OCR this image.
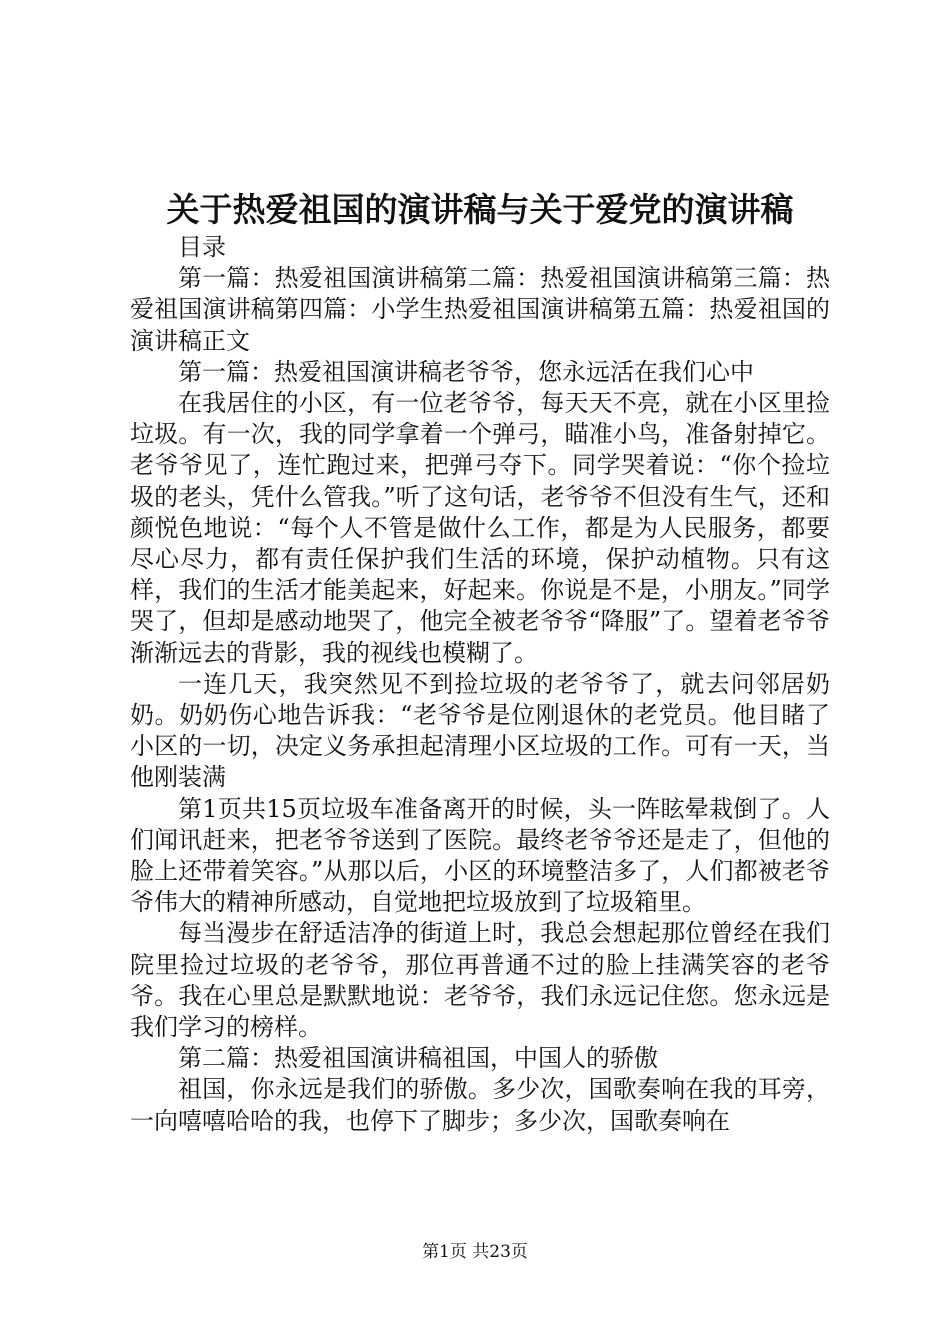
关于热爱祖国的演讲稿与关于爱党的演讲稿

目录

第一篇：热爱祖国演讲稿第二篇：热爱祖国演讲稿第三篇：热爱祖国演讲稿第四篇：小学生热爱祖国演讲稿第五篇：热爱祖国的演讲稿正文

第一篇：热爱祖国演讲稿老爷爷，您永远活在我们心中

在我居住的小区，有一位老爷爷，每天天不亮，就在小区里捡垃圾。有一次，我的同学拿着一个弹弓，瞄准小鸟，准备射掉它。老爷爷见了，连忙跑过来，把弹弓夺下。同学哭着说：“你个捡垃圾的老头，凭什么管我。”听了这句话，老爷爷不但没有生气，还和颜悦色地说：“每个人不管是做什么工作，都是为人民服务，都要尽心尽力，都有责任保护我们生活的环境，保护动植物。只有这样，我们的生活才能美起来，好起来。你说是不是，小朋友。”同学哭了，但却是感动地哭了，他完全被老爷爷“降服”了。望着老爷爷渐渐远去的背影，我的视线也模糊了。

一连几天，我突然见不到捡垃圾的老爷爷了，就去问邻居奶奶。奶奶伤心地告诉我：“老爷爷是位刚退休的老党员。他目睹了小区的一切，决定义务承担起清理小区垃圾的工作。可有一天，当他刚装满

第1页共15页垃圾车准备离开的时候，头一阵眩晕栽倒了。人们闻讯赶来，把老爷爷送到了医院。最终老爷爷还是走了，但他的脸上还带着笑容。”从那以后，小区的环境整洁多了，人们都被老爷爷伟大的精神所感动，自觉地把垃圾放到了垃圾箱里。

每当漫步在舒适洁净的街道上时，我总会想起那位曾经在我们院里捡过垃圾的老爷爷，那位再普通不过的脸上挂满笑容的老爷爷。我在心里总是默默地说：老爷爷，我们永远记住您。您永远是我们学习的榜样。

第二篇：热爱祖国演讲稿祖国，中国人的骄傲

祖国，你永远是我们的骄傲。多少次，国歌奏响在我的耳旁，一向嘻嘻哈哈的我，也停下了脚步；多少次，国歌奏响在

第1页 共23页
